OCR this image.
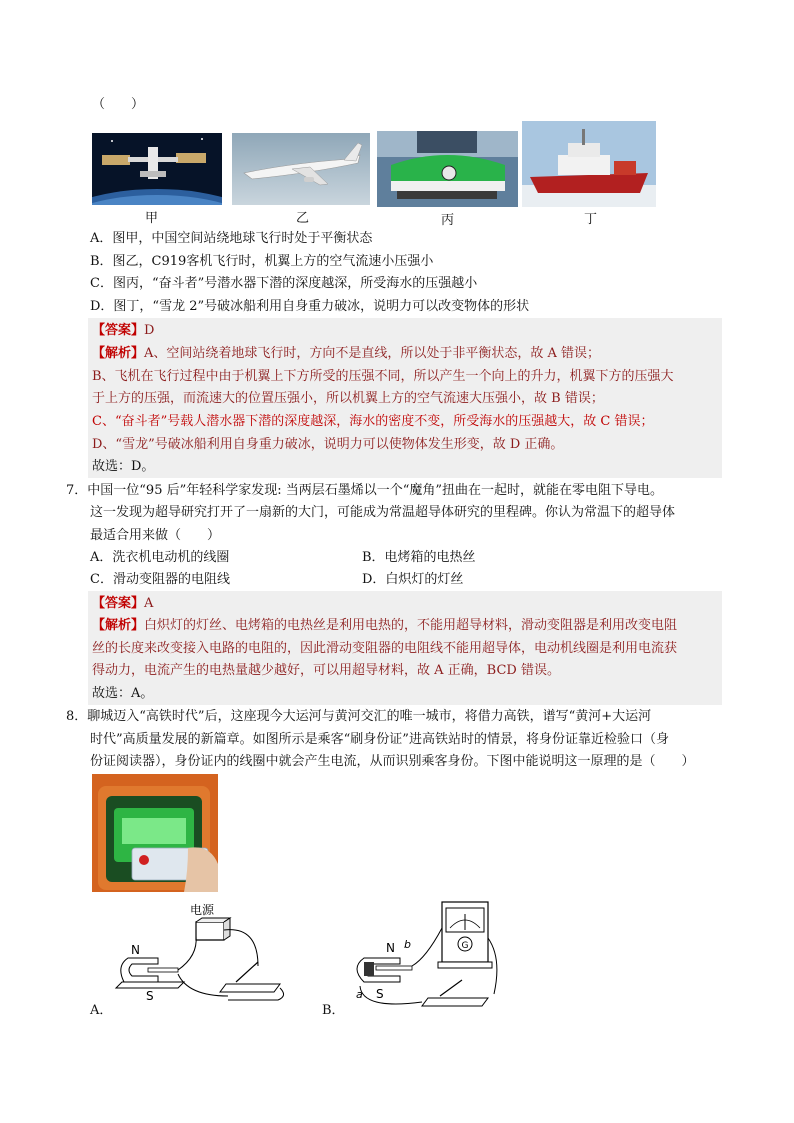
（　　）
甲	乙	丙	丁
A．图甲，中国空间站绕地球飞行时处于平衡状态
B．图乙，C919客机飞行时，机翼上方的空气流速小压强小
C．图丙，“奋斗者”号潜水器下潜的深度越深，所受海水的压强越小
D．图丁，“雪龙 2”号破冰船利用自身重力破冰，说明力可以改变物体的形状
【答案】D
【解析】A、空间站绕着地球飞行时，方向不是直线，所以处于非平衡状态，故 A 错误；
B、飞机在飞行过程中由于机翼上下方所受的压强不同，所以产生一个向上的升力，机翼下方的压强大
于上方的压强，而流速大的位置压强小，所以机翼上方的空气流速大压强小，故 B 错误；
C、“奋斗者”号载人潜水器下潜的深度越深，海水的密度不变，所受海水的压强越大，故 C 错误；
D、“雪龙”号破冰船利用自身重力破冰，说明力可以使物体发生形变，故 D 正确。
故选：D。
7．中国一位“95 后”年轻科学家发现: 当两层石墨烯以一个“魔角”扭曲在一起时，就能在零电阻下导电。
这一发现为超导研究打开了一扇新的大门，可能成为常温超导体研究的里程碑。你认为常温下的超导体
最适合用来做（　　）
A．洗衣机电动机的线圈	B．电烤箱的电热丝
C．滑动变阻器的电阻线	D．白炽灯的灯丝
【答案】A
【解析】白炽灯的灯丝、电烤箱的电热丝是利用电热的，不能用超导材料，滑动变阻器是利用改变电阻
丝的长度来改变接入电路的电阻的，因此滑动变阻器的电阻线不能用超导体，电动机线圈是利用电流获
得动力，电流产生的电热量越少越好，可以用超导材料，故 A 正确，BCD 错误。
故选：A。
8．聊城迈入“高铁时代”后，这座现今大运河与黄河交汇的唯一城市，将借力高铁，谱写“黄河+大运河
时代”高质量发展的新篇章。如图所示是乘客“刷身份证”进高铁站时的情景，将身份证靠近检验口（身
份证阅读器），身份证内的线圈中就会产生电流，从而识别乘客身份。下图中能说明这一原理的是（　　）
电源
N
S
A．
G
N b
a S
B．
